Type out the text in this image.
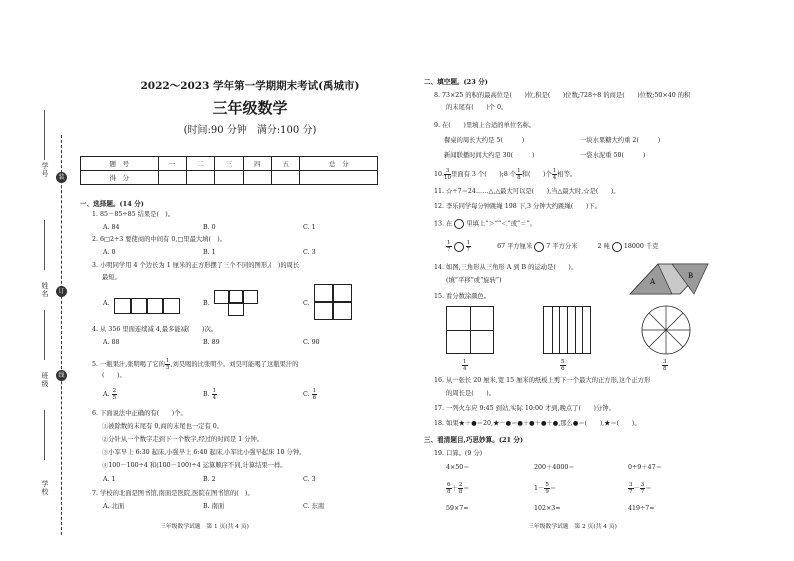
学号
姓名
班级
学校
装
订
线
2022～2023 学年第一学期期末考试(禹城市)
三年级数学
(时间:90 分钟　满分:100 分)
题　号	一	二	三	四	五	总　分
得　分						
一、选择题。(14 分)
1. 85－85÷85 结果是(　)。
A. 84	B. 0	C. 1
2. 6□2÷3 要使商的中间有 0,□里最大填(　)。
A. 0	B. 1	C. 3
3. 小明同学用 4 个边长为 1 厘米的正方形摆了三个不同的图形,(　)的周长
最短。
A.	B.	C.
4. 从 356 里面连续减 4,最多能减(　　)次。
A. 88	B. 89	C. 90
5. 一瓶果汁,张明喝了它的 $\frac{1}{5}$ ,刘昊喝的比张明少。刘昊可能喝了这瓶果汁的
(　　)。
A. $\frac{2}{5}$	B. $\frac{1}{4}$	C. $\frac{1}{6}$
6. 下面说法中正确的有(　　)个。
①被除数的末尾有 0,商的末尾也一定有 0。
②分针从一个数字走到下一个数字,经过的时间是 1 分钟。
③小军早上 6:30 起床,小强早上 6:40 起床,小军比小强早起床 10 分钟。
④100－100÷4 和(100－100)÷4 运算顺序不同,计算结果一样。
A. 1	B. 2	C. 3
7. 学校的北面是图书馆,南面是医院,医院在图书馆的(　)。
A. 北面	B. 南面	C. 东南
三年级数学试题　第 1 页(共 4 页)
二、填空题。(23 分)
8. 73×25 的积的最高位是(　　)位,积是(　　)位数;728÷8 的商是(　　)位数;50×40 的积
的末尾有(　　)个 0。
9. 在(　　)里填上合适的单位名称。
餐桌的周长大约是 5(　　　)	一块水果糖大约重 2(　　　)
新闻联播时间大约是 30(　　　)	一袋水泥重 50(　　　)
10. $\frac{3}{10}$ 里面有 3 个(　　);8 个 $\frac{1}{8}$ 和(　　)个 $\frac{1}{4}$ 相等。
11. ☆÷7＝24……△,△最大可以是(　　),当△最大时,☆是(　　)。
12. 李乐同学每分钟跳绳 198 下,3 分钟大约跳绳(　　)下。
13. 在 里填上“＞”“＜”或“＝”。
$\frac{1}{7}$
	$\frac{1}{7}$	67 平方厘米 7 平方分米	2 吨 18000 千克
14. 如图,三角形从三角形 A 到 B 的运动是(　　)。
(填“平移”或“旋转”)	A
B
15. 看分数涂颜色。
$\frac{1}{4}$	$\frac{5}{6}$	$\frac{3}{8}$
16. 从一张长 20 厘米,宽 15 厘米的纸板上剪下一个最大的正方形,这个正方形
的周长是(　　)。
17. 一列火车应 9:45 到站,实际 10:00 才到,晚点了(　　)分钟。
18. 如果★＋●＝20,★－●＝●＋●＋●＋●,那么●＝(　　),★＝(　　)。
三、看清题目,巧思妙算。(21 分)
19. 口算。(9 分)
4×50＝	200＋4000＝	0÷9＋47＝
$\frac{6}{8} + \frac{2}{8}$ ＝	$1- \frac{5}{9}$ ＝	$\frac{3}{7} - \frac{3}{7}$ ＝
59×7≈	102×3≈	419÷7≈
三年级数学试题　第 2 页(共 4 页)
